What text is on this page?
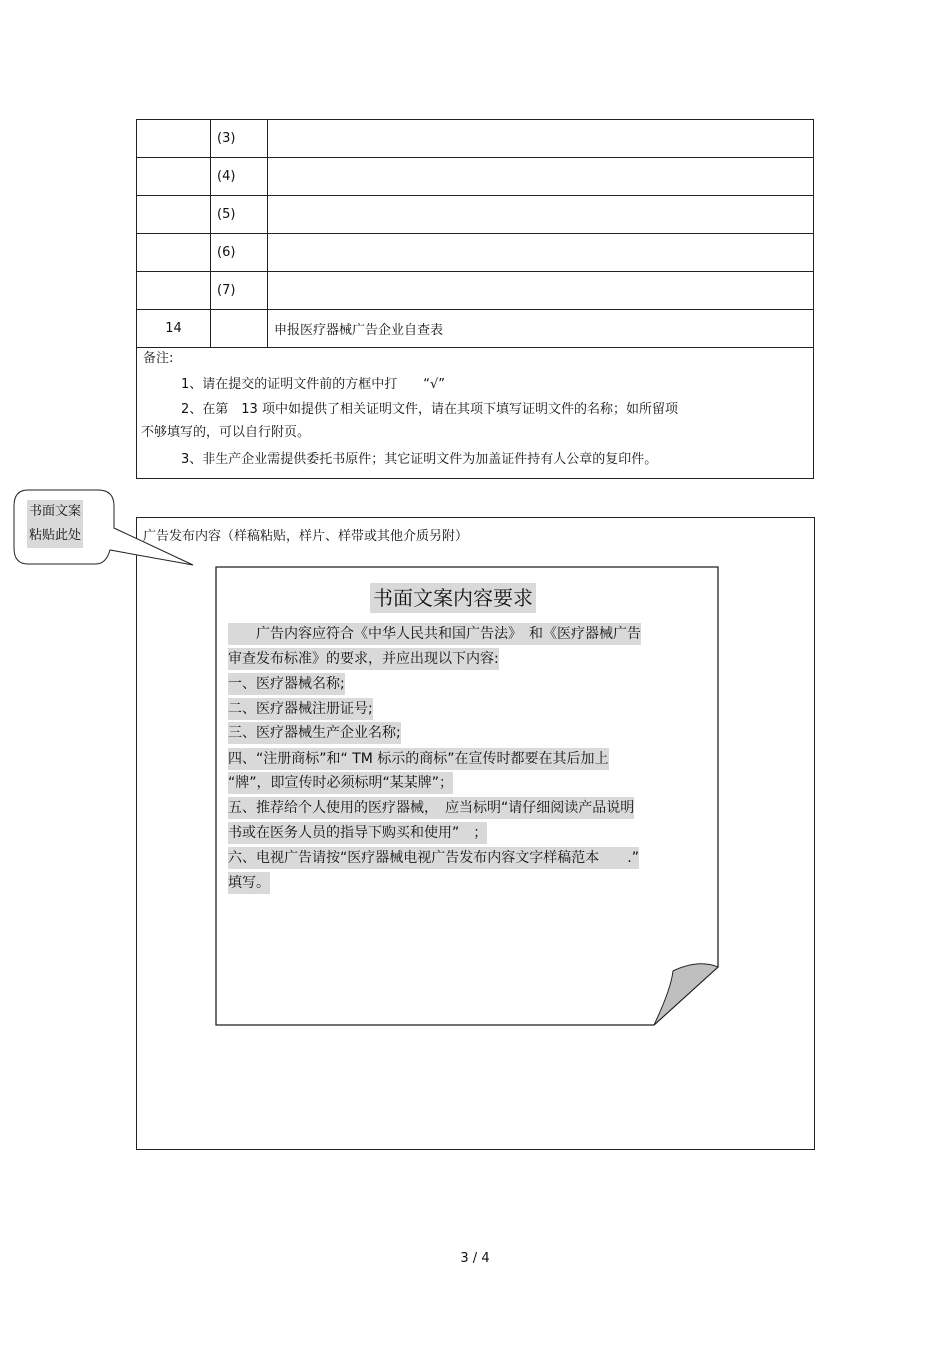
	(3)	
	(4)	
	(5)	
	(6)	
	(7)	
14		申报医疗器械广告企业自查表
备注:
1、请在提交的证明文件前的方框中打　　“√”
2、在第　13 项中如提供了相关证明文件，请在其项下填写证明文件的名称；如所留项
不够填写的，可以自行附页。
3、非生产企业需提供委托书原件；其它证明文件为加盖证件持有人公章的复印件。
广告发布内容（样稿粘贴，样片、样带或其他介质另附）
书面文案
粘贴此处
书面文案内容要求
　　广告内容应符合《中华人民共和国广告法》　和《医疗器械广告
审查发布标准》的要求，并应出现以下内容:
一、医疗器械名称;
二、医疗器械注册证号;
三、医疗器械生产企业名称;
四、“注册商标”和“ TM 标示的商标”在宣传时都要在其后加上
“牌”，即宣传时必须标明“某某牌”；
五、推荐给个人使用的医疗器械，　应当标明“请仔细阅读产品说明
书或在医务人员的指导下购买和使用”　；
六、电视广告请按“医疗器械电视广告发布内容文字样稿范本　　.”
填写。
3 / 4
